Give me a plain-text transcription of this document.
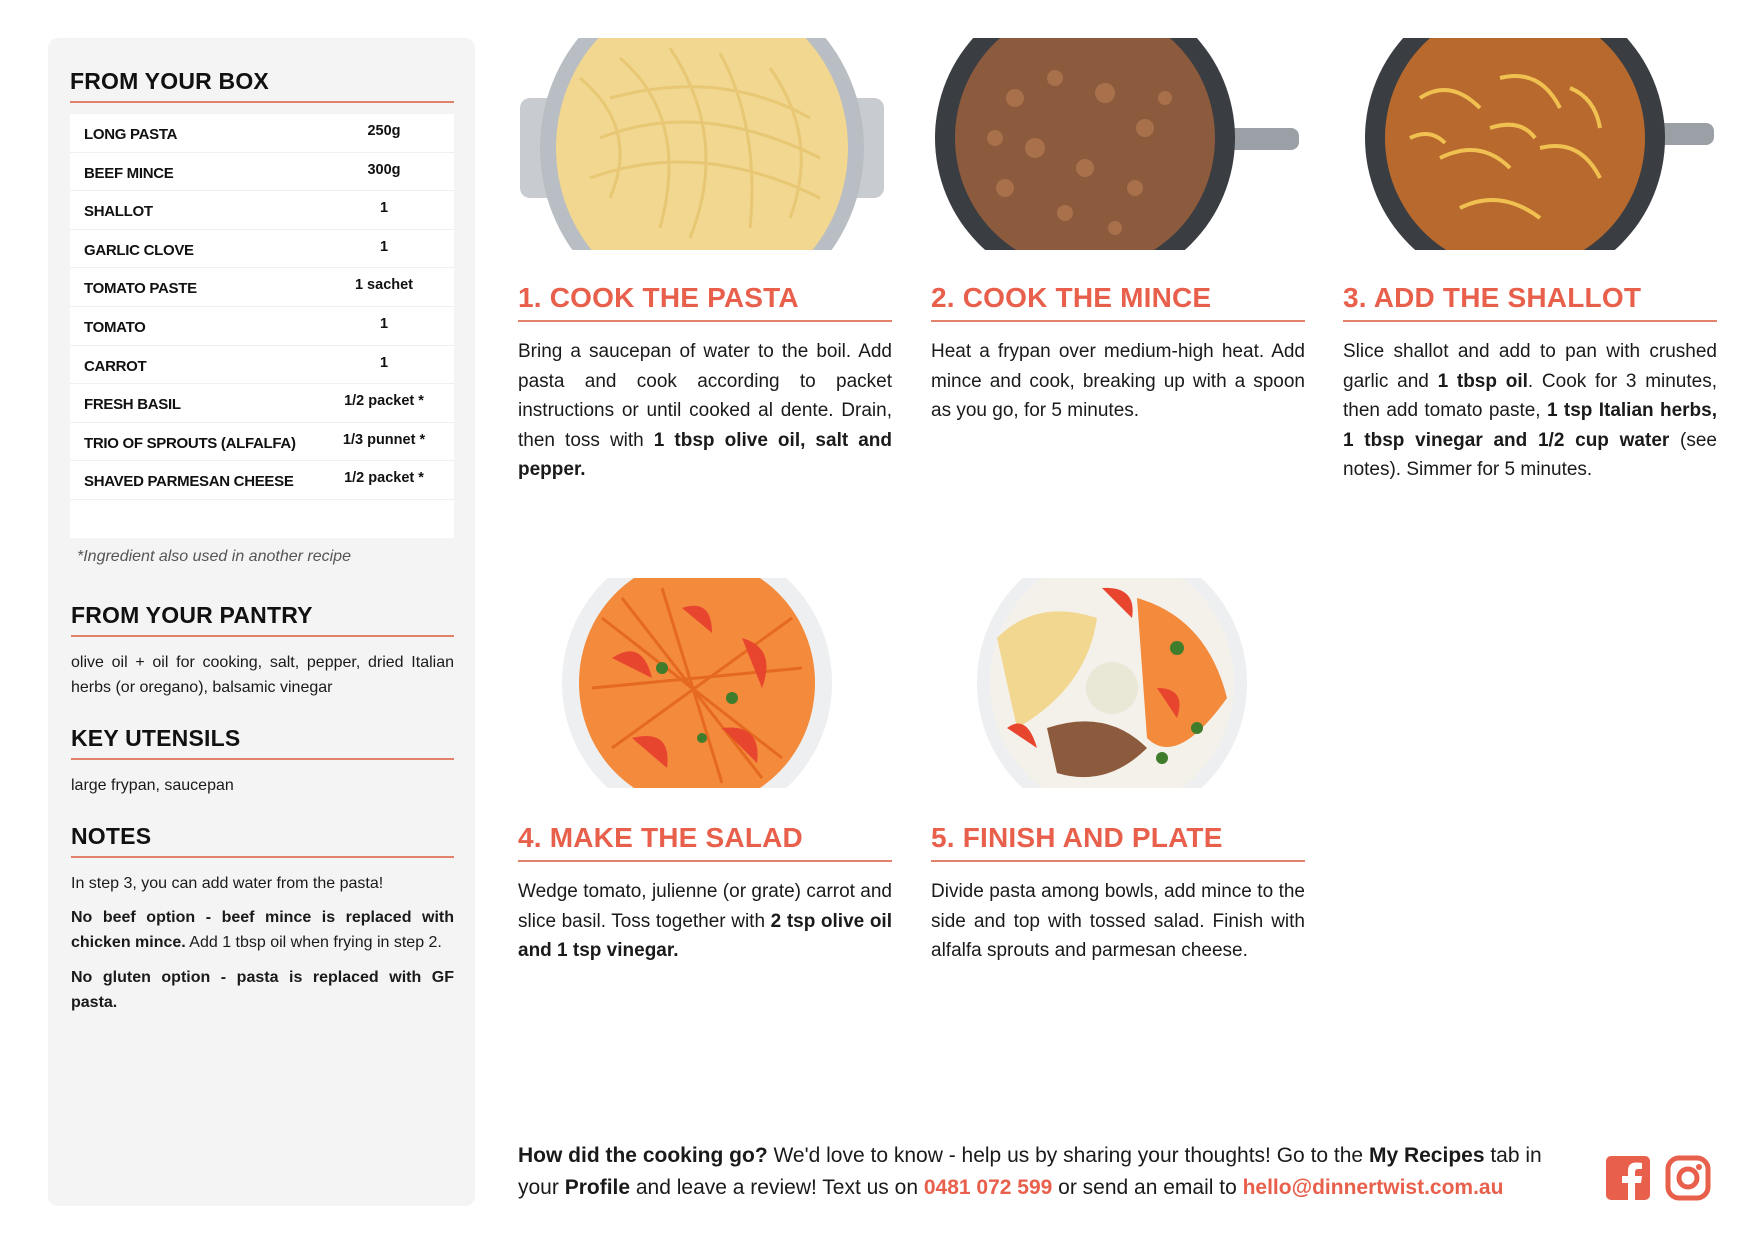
FROM YOUR BOX
LONG PASTA	250g
BEEF MINCE	300g
SHALLOT	1
GARLIC CLOVE	1
TOMATO PASTE	1 sachet
TOMATO	1
CARROT	1
FRESH BASIL	1/2 packet *
TRIO OF SPROUTS (ALFALFA)	1/3 punnet *
SHAVED PARMESAN CHEESE	1/2 packet *
*Ingredient also used in another recipe
FROM YOUR PANTRY
olive oil + oil for cooking, salt, pepper, dried Italian herbs (or oregano), balsamic vinegar
KEY UTENSILS
large frypan, saucepan
NOTES
In step 3, you can add water from the pasta!
No beef option - beef mince is replaced with chicken mince. Add 1 tbsp oil when frying in step 2.
No gluten option - pasta is replaced with GF pasta.
1. COOK THE PASTA
Bring a saucepan of water to the boil. Add pasta and cook according to packet instructions or until cooked al dente. Drain, then toss with 1 tbsp olive oil, salt and pepper.
2. COOK THE MINCE
Heat a frypan over medium-high heat. Add mince and cook, breaking up with a spoon as you go, for 5 minutes.
3. ADD THE SHALLOT
Slice shallot and add to pan with crushed garlic and 1 tbsp oil. Cook for 3 minutes, then add tomato paste, 1 tsp Italian herbs, 1 tbsp vinegar and 1/2 cup water (see notes). Simmer for 5 minutes.
4. MAKE THE SALAD
Wedge tomato, julienne (or grate) carrot and slice basil. Toss together with 2 tsp olive oil and 1 tsp vinegar.
5. FINISH AND PLATE
Divide pasta among bowls, add mince to the side and top with tossed salad. Finish with alfalfa sprouts and parmesan cheese.
How did the cooking go? We'd love to know - help us by sharing your thoughts! Go to the My Recipes tab in your Profile and leave a review! Text us on 0481 072 599 or send an email to hello@dinnertwist.com.au
